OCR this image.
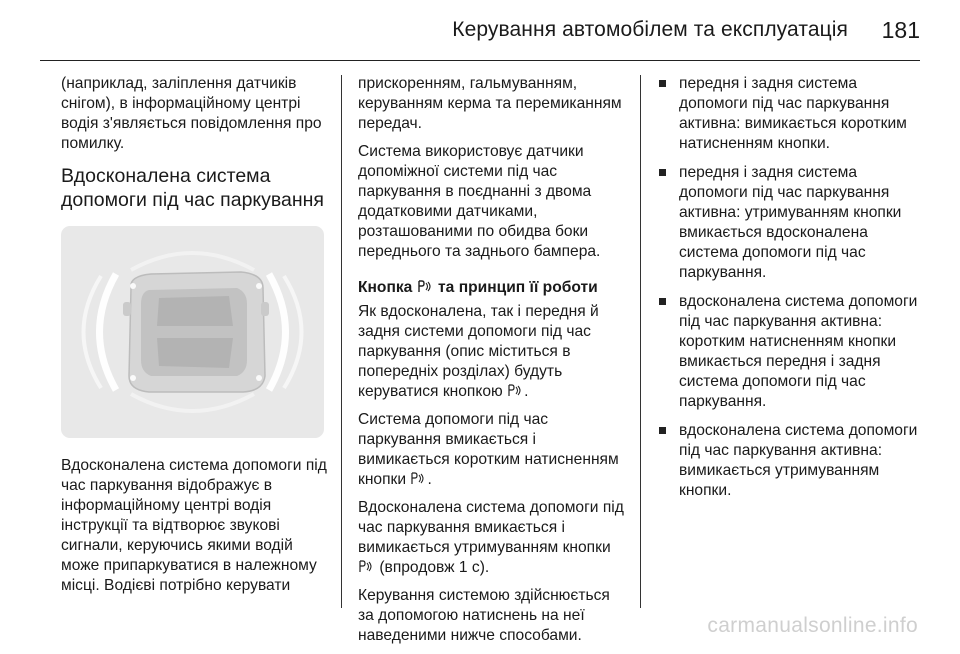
Керування автомобілем та експлуатація 181

(наприклад, заліплення датчиків снігом), в інформаційному центрі водія з'являється повідомлення про помилку.

Вдосконалена система допомоги під час паркування

Вдосконалена система допомоги під час паркування відображує в інформаційному центрі водія інструкції та відтворює звукові сигнали, керуючись якими водій може припаркуватися в належному місці. Водієві потрібно керувати

прискоренням, гальмуванням, керуванням керма та перемиканням передач.

Система використовує датчики допоміжної системи під час паркування в поєднанні з двома додатковими датчиками, розташованими по обидва боки переднього та заднього бампера.

Кнопка та принцип її роботи

Як вдосконалена, так і передня й задня системи допомоги під час паркування (опис міститься в попередніх розділах) будуть керуватися кнопкою .

Система допомоги під час паркування вмикається і вимикається коротким натисненням кнопки .

Вдосконалена система допомоги під час паркування вмикається і вимикається утримуванням кнопки  (впродовж 1 с).

Керування системою здійснюється за допомогою натиснень на неї наведеними нижче способами.

передня і задня система допомоги під час паркування активна: вимикається коротким натисненням кнопки.
передня і задня система допомоги під час паркування активна: утримуванням кнопки вмикається вдосконалена система допомоги під час паркування.
вдосконалена система допомоги під час паркування активна: коротким натисненням кнопки вмикається передня і задня система допомоги під час паркування.
вдосконалена система допомоги під час паркування активна: вимикається утримуванням кнопки.
carmanualsonline.info
